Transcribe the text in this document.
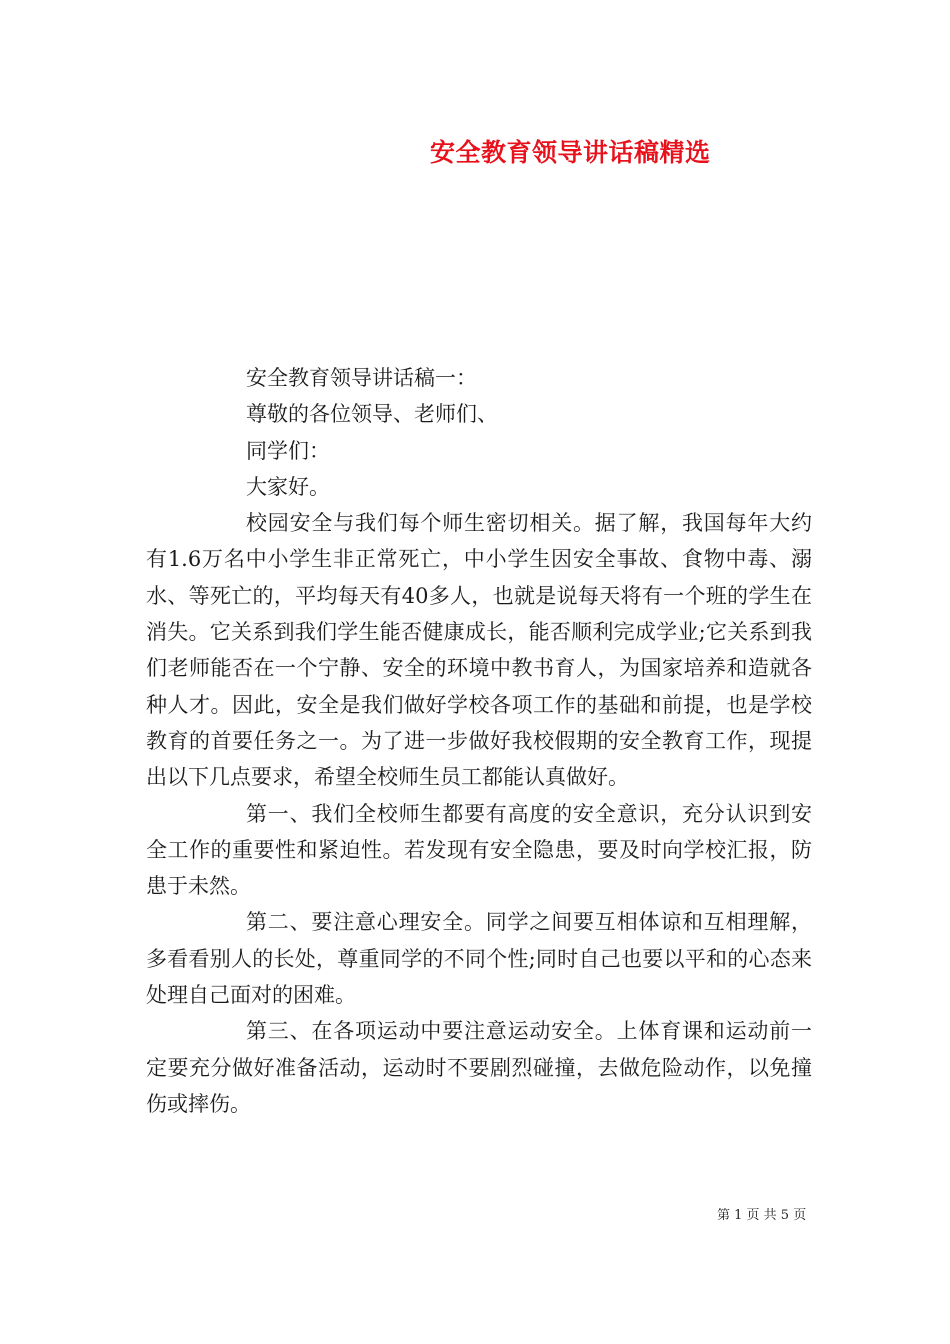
安全教育领导讲话稿精选

安全教育领导讲话稿一：

尊敬的各位领导、老师们、

同学们：

大家好。

校园安全与我们每个师生密切相关。据了解，我国每年大约有1.6万名中小学生非正常死亡，中小学生因安全事故、食物中毒、溺水、等死亡的，平均每天有40多人，也就是说每天将有一个班的学生在消失。它关系到我们学生能否健康成长，能否顺利完成学业;它关系到我们老师能否在一个宁静、安全的环境中教书育人，为国家培养和造就各种人才。因此，安全是我们做好学校各项工作的基础和前提，也是学校教育的首要任务之一。为了进一步做好我校假期的安全教育工作，现提出以下几点要求，希望全校师生员工都能认真做好。

第一、我们全校师生都要有高度的安全意识，充分认识到安全工作的重要性和紧迫性。若发现有安全隐患，要及时向学校汇报，防患于未然。

第二、要注意心理安全。同学之间要互相体谅和互相理解，多看看别人的长处，尊重同学的不同个性;同时自己也要以平和的心态来处理自己面对的困难。

第三、在各项运动中要注意运动安全。上体育课和运动前一定要充分做好准备活动，运动时不要剧烈碰撞，去做危险动作，以免撞伤或摔伤。

第 1 页 共 5 页
